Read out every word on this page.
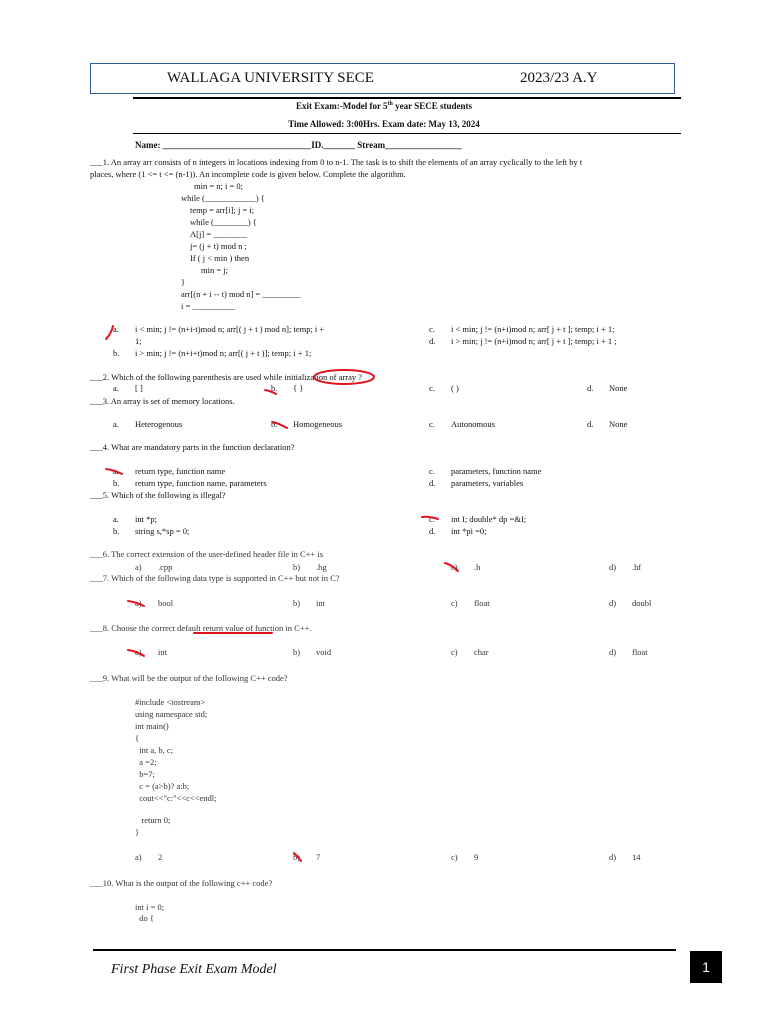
WALLAGA UNIVERSITY SECE	2023/23 A.Y
Exit Exam:-Model for 5th year SECE students
Time Allowed: 3:00Hrs. Exam date: May 13, 2024
Name: _________________________________ID._______ Stream_________________
___1. An array arr consists of n integers in locations indexing from 0 to n-1. The task is to shift the elements of an array cyclically to the left by t
places, where (1 <= t <= (n-1)). An incomplete code is given below. Complete the algorithm.
min = n; i = 0;
while (____________) {
temp = arr[i]; j = i;
while (________) {
A[j] = ________
j= (j + t) mod n ;
If ( j < min ) then
min = j;
}
arr[(n + i -- t) mod n] = _________
i = __________
a. i < min; j != (n+i-t)mod n; arr[( j + t ) mod n]; temp; i +
1;
b. i > min; j != (n+i+t)mod n; arr[( j + t )]; temp; i + 1;
c. i < min; j != (n+i)mod n; arr[ j + t ]; temp; i + 1;
d. i > min; j != (n+i)mod n; arr[ j + t ]; temp; i + 1 ;
___2. Which of the following parenthesis are used while initialization of array ?
a. [ ]	b. { }	c. ( )	d. None
___3. An array is set of memory locations.
a. Heterogenous	b. Homogeneous	c. Autonomous	d. None
___4. What are mandatory parts in the function declaration?
a. return type, function name
b. return type, function name, parameters
c. parameters, function name
d. parameters, variables
___5. Which of the following is illegal?
a. int *p;
b. string s,*sp = 0;
c. int I; double* dp =&I;
d. int *pi =0;
___6. The correct extension of the user-defined header file in C++ is
a) .cpp	b) .hg	c) .h	d) .hf
___7. Which of the following data type is supported in C++ but not in C?
a) bool	b) int	c) float	d) doubl
___8. Choose the correct default return value of function in C++.
a) int	b) void	c) char	d) float
___9. What will be the output of the following C++ code?
#include <iostream>
using namespace std;
int main()
{
int a, b, c;
a =2;
b=7;
c = (a>b)? a:b;
cout<<"c:"<<c<<endl;
return 0;
}
a) 2	b) 7	c) 9	d) 14
___10. What is the output of the following c++ code?
int i = 0;
do {
First Phase Exit Exam Model	1
